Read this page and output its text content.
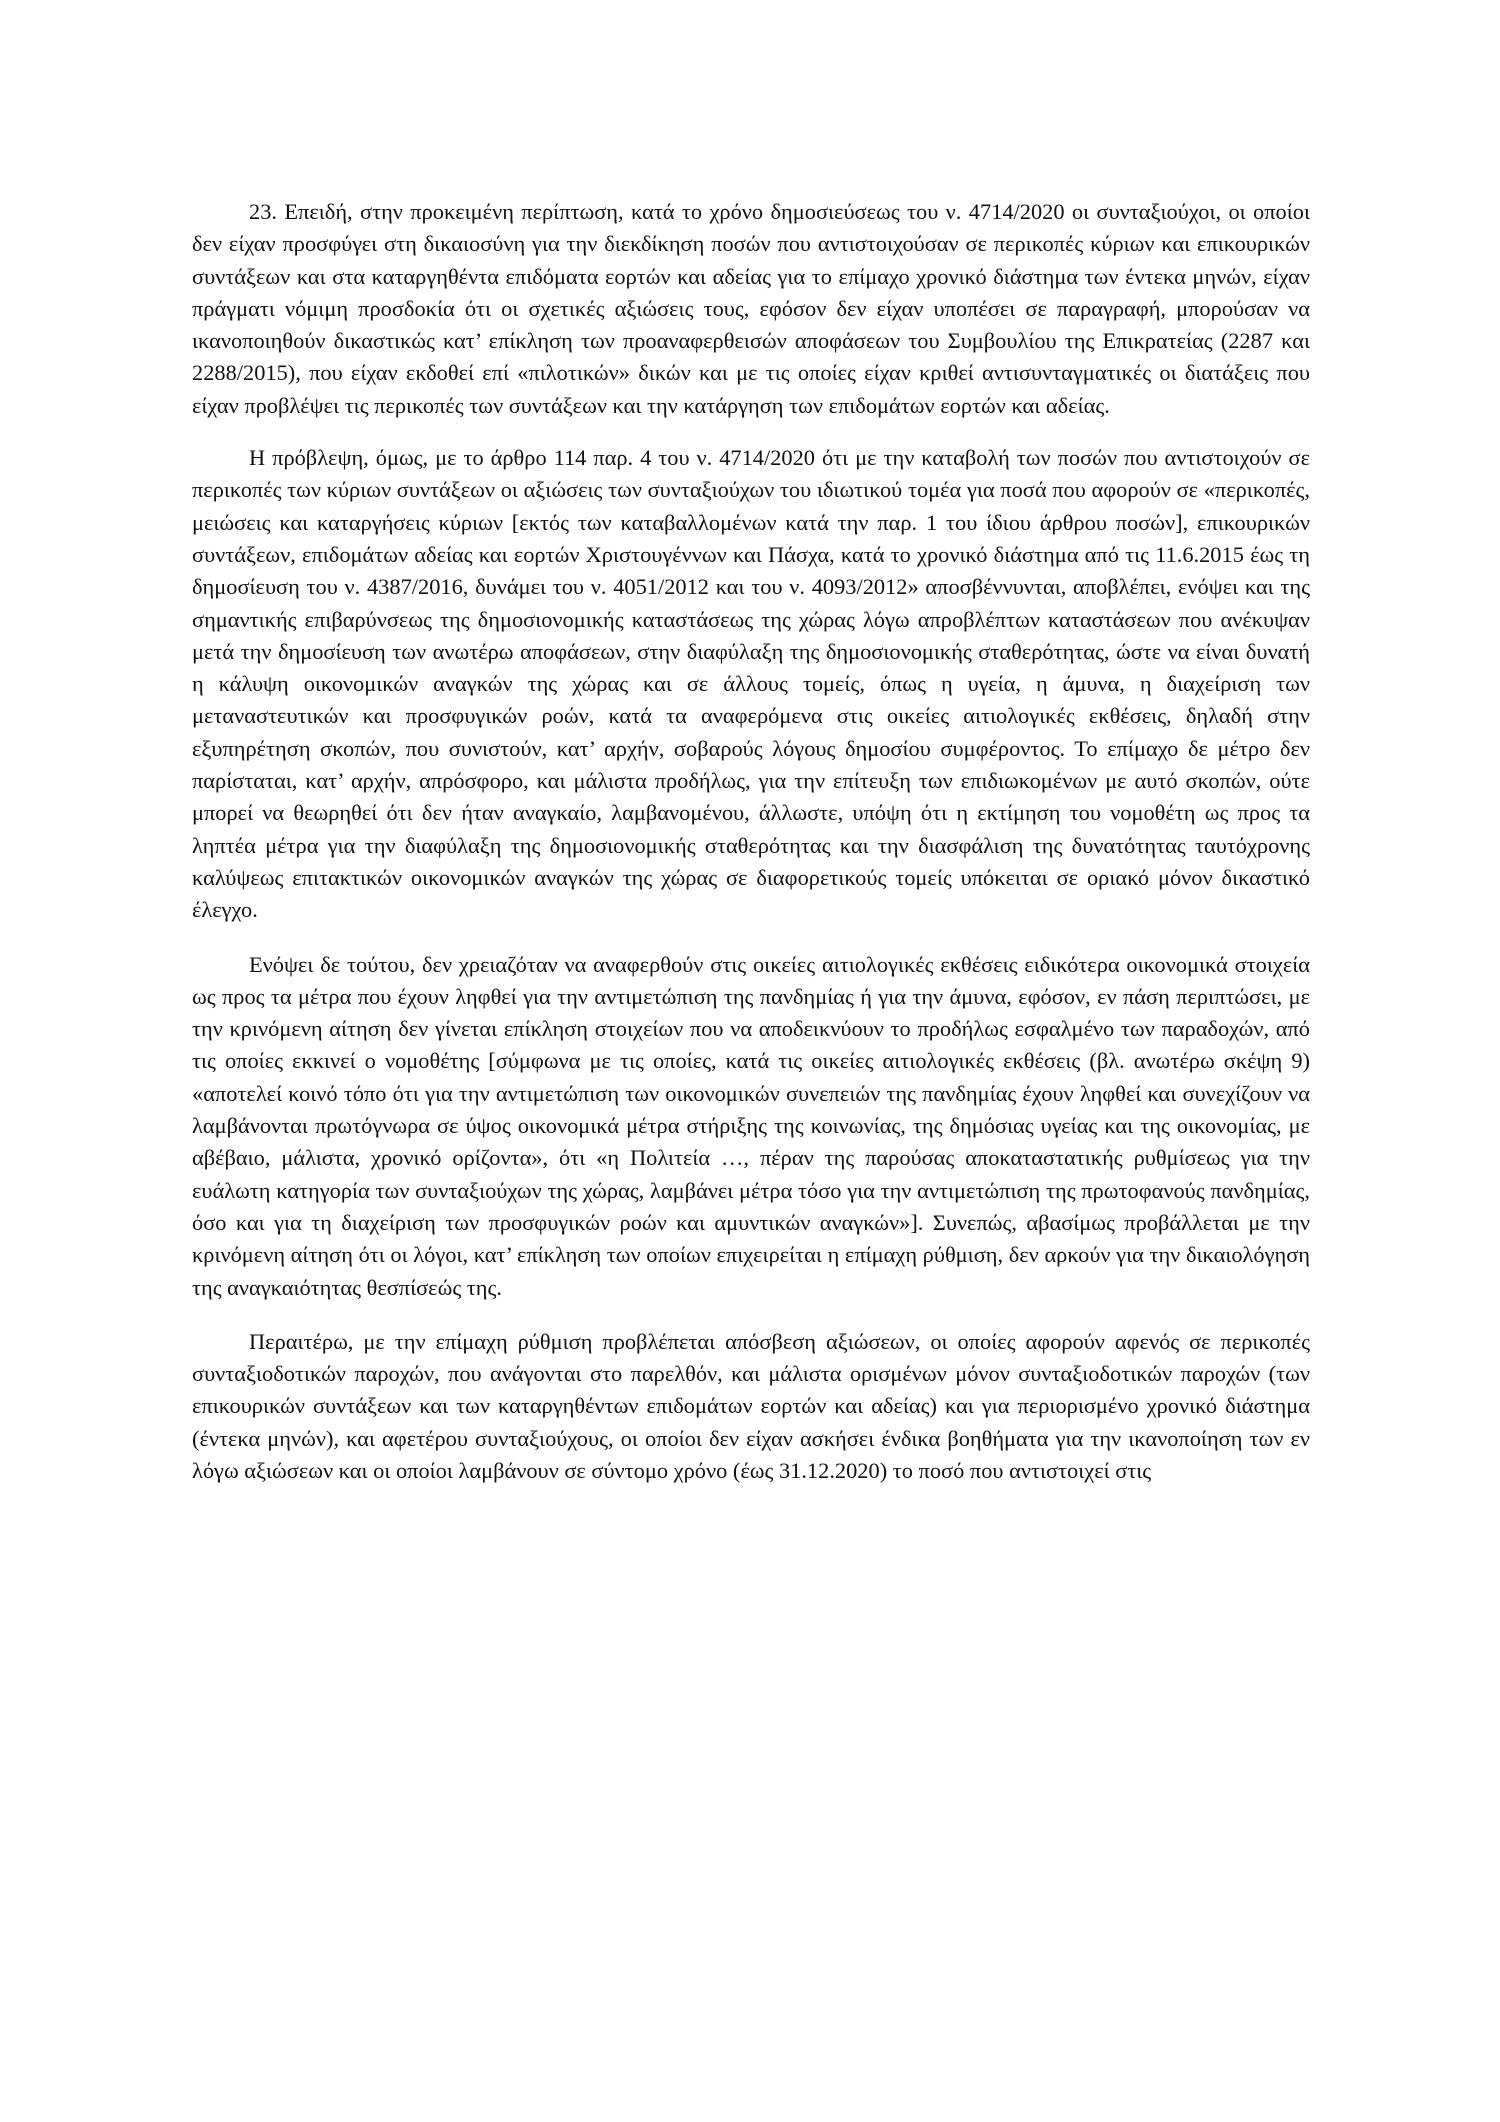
23. Επειδή, στην προκειμένη περίπτωση, κατά το χρόνο δημοσιεύσεως του ν. 4714/2020 οι συνταξιούχοι, οι οποίοι δεν είχαν προσφύγει στη δικαιοσύνη για την διεκδίκηση ποσών που αντιστοιχούσαν σε περικοπές κύριων και επικουρικών συντάξεων και στα καταργηθέντα επιδόματα εορτών και αδείας για το επίμαχο χρονικό διάστημα των έντεκα μηνών, είχαν πράγματι νόμιμη προσδοκία ότι οι σχετικές αξιώσεις τους, εφόσον δεν είχαν υποπέσει σε παραγραφή, μπορούσαν να ικανοποιηθούν δικαστικώς κατ’ επίκληση των προαναφερθεισών αποφάσεων του Συμβουλίου της Επικρατείας (2287 και 2288/2015), που είχαν εκδοθεί επί «πιλοτικών» δικών και με τις οποίες είχαν κριθεί αντισυνταγματικές οι διατάξεις που είχαν προβλέψει τις περικοπές των συντάξεων και την κατάργηση των επιδομάτων εορτών και αδείας.

Η πρόβλεψη, όμως, με το άρθρο 114 παρ. 4 του ν. 4714/2020 ότι με την καταβολή των ποσών που αντιστοιχούν σε περικοπές των κύριων συντάξεων οι αξιώσεις των συνταξιούχων του ιδιωτικού τομέα για ποσά που αφορούν σε «περικοπές, μειώσεις και καταργήσεις κύριων [εκτός των καταβαλλομένων κατά την παρ. 1 του ίδιου άρθρου ποσών], επικουρικών συντάξεων, επιδομάτων αδείας και εορτών Χριστουγέννων και Πάσχα, κατά το χρονικό διάστημα από τις 11.6.2015 έως τη δημοσίευση του ν. 4387/2016, δυνάμει του ν. 4051/2012 και του ν. 4093/2012» αποσβέννυνται, αποβλέπει, ενόψει και της σημαντικής επιβαρύνσεως της δημοσιονομικής καταστάσεως της χώρας λόγω απροβλέπτων καταστάσεων που ανέκυψαν μετά την δημοσίευση των ανωτέρω αποφάσεων, στην διαφύλαξη της δημοσιονομικής σταθερότητας, ώστε να είναι δυνατή η κάλυψη οικονομικών αναγκών της χώρας και σε άλλους τομείς, όπως η υγεία, η άμυνα, η διαχείριση των μεταναστευτικών και προσφυγικών ροών, κατά τα αναφερόμενα στις οικείες αιτιολογικές εκθέσεις, δηλαδή στην εξυπηρέτηση σκοπών, που συνιστούν, κατ’ αρχήν, σοβαρούς λόγους δημοσίου συμφέροντος. Το επίμαχο δε μέτρο δεν παρίσταται, κατ’ αρχήν, απρόσφορο, και μάλιστα προδήλως, για την επίτευξη των επιδιωκομένων με αυτό σκοπών, ούτε μπορεί να θεωρηθεί ότι δεν ήταν αναγκαίο, λαμβανομένου, άλλωστε, υπόψη ότι η εκτίμηση του νομοθέτη ως προς τα ληπτέα μέτρα για την διαφύλαξη της δημοσιονομικής σταθερότητας και την διασφάλιση της δυνατότητας ταυτόχρονης καλύψεως επιτακτικών οικονομικών αναγκών της χώρας σε διαφορετικούς τομείς υπόκειται σε οριακό μόνον δικαστικό έλεγχο.

Ενόψει δε τούτου, δεν χρειαζόταν να αναφερθούν στις οικείες αιτιολογικές εκθέσεις ειδικότερα οικονομικά στοιχεία ως προς τα μέτρα που έχουν ληφθεί για την αντιμετώπιση της πανδημίας ή για την άμυνα, εφόσον, εν πάση περιπτώσει, με την κρινόμενη αίτηση δεν γίνεται επίκληση στοιχείων που να αποδεικνύουν το προδήλως εσφαλμένο των παραδοχών, από τις οποίες εκκινεί ο νομοθέτης [σύμφωνα με τις οποίες, κατά τις οικείες αιτιολογικές εκθέσεις (βλ. ανωτέρω σκέψη 9) «αποτελεί κοινό τόπο ότι για την αντιμετώπιση των οικονομικών συνεπειών της πανδημίας έχουν ληφθεί και συνεχίζουν να λαμβάνονται πρωτόγνωρα σε ύψος οικονομικά μέτρα στήριξης της κοινωνίας, της δημόσιας υγείας και της οικονομίας, με αβέβαιο, μάλιστα, χρονικό ορίζοντα», ότι «η Πολιτεία …, πέραν της παρούσας αποκαταστατικής ρυθμίσεως για την ευάλωτη κατηγορία των συνταξιούχων της χώρας, λαμβάνει μέτρα τόσο για την αντιμετώπιση της πρωτοφανούς πανδημίας, όσο και για τη διαχείριση των προσφυγικών ροών και αμυντικών αναγκών»]. Συνεπώς, αβασίμως προβάλλεται με την κρινόμενη αίτηση ότι οι λόγοι, κατ’ επίκληση των οποίων επιχειρείται η επίμαχη ρύθμιση, δεν αρκούν για την δικαιολόγηση της αναγκαιότητας θεσπίσεώς της.

Περαιτέρω, με την επίμαχη ρύθμιση προβλέπεται απόσβεση αξιώσεων, οι οποίες αφορούν αφενός σε περικοπές συνταξιοδοτικών παροχών, που ανάγονται στο παρελθόν, και μάλιστα ορισμένων μόνον συνταξιοδοτικών παροχών (των επικουρικών συντάξεων και των καταργηθέντων επιδομάτων εορτών και αδείας) και για περιορισμένο χρονικό διάστημα (έντεκα μηνών), και αφετέρου συνταξιούχους, οι οποίοι δεν είχαν ασκήσει ένδικα βοηθήματα για την ικανοποίηση των εν λόγω αξιώσεων και οι οποίοι λαμβάνουν σε σύντομο χρόνο (έως 31.12.2020) το ποσό που αντιστοιχεί στις
